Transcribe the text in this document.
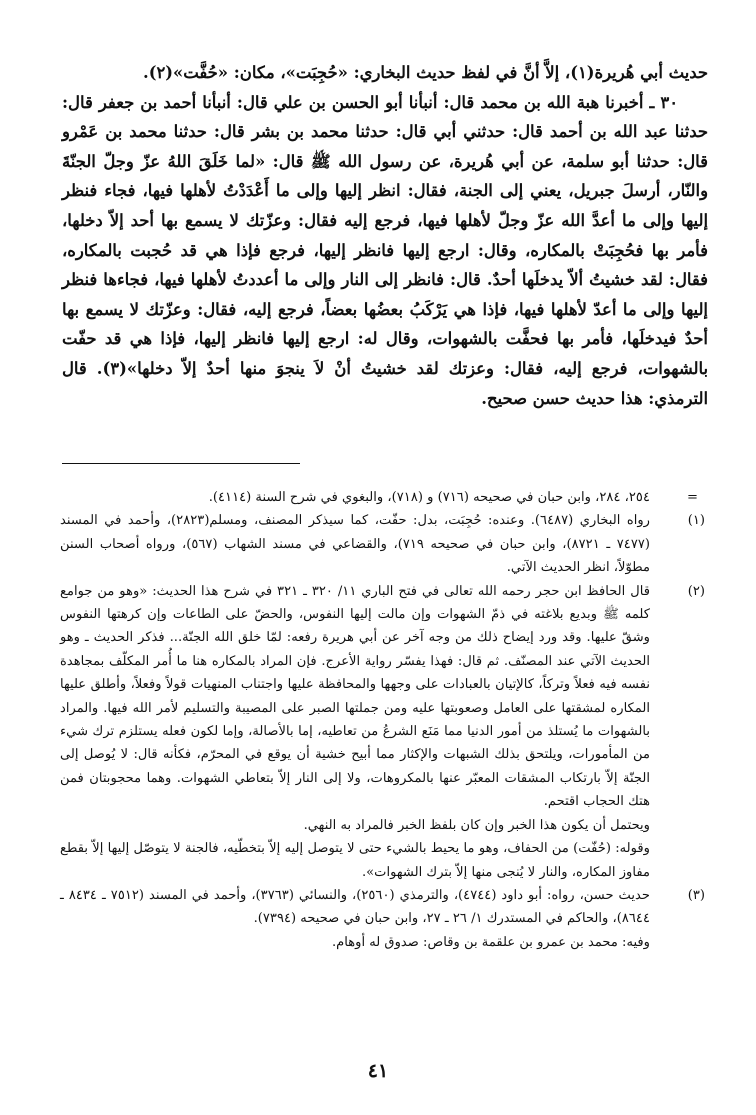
حديث أبي هُريرة(١)، إلاَّ أنَّ في لفظ حديث البخاري: «حُجِبَت»، مكان: «حُفَّت»(٢).

٣٠ ـ أخبرنا هبة الله بن محمد قال: أنبأنا أبو الحسن بن علي قال: أنبأنا أحمد بن جعفر قال: حدثنا عبد الله بن أحمد قال: حدثني أبي قال: حدثنا محمد بن بشر قال: حدثنا محمد بن عَمْرو قال: حدثنا أبو سلمة، عن أبي هُريرة، عن رسول الله ﷺ قال: «لما خَلَقَ اللهُ عزّ وجلّ الجنّةَ والنّار، أرسلَ جبريل، يعني إلى الجنة، فقال: انظر إليها وإلى ما أَعْدَدْتُ لأهلها فيها، فجاء فنظر إليها وإلى ما أعدَّ الله عزّ وجلّ لأهلها فيها، فرجع إليه فقال: وعزّتك لا يسمع بها أحد إلاّ دخلها، فأمر بها فحُجِبَتْ بالمكاره، وقال: ارجع إليها فانظر إليها، فرجع فإذا هي قد حُجبت بالمكاره، فقال: لقد خشيتُ ألاّ يدخلَها أحدٌ. قال: فانظر إلى النار وإلى ما أعددتُ لأهلها فيها، فجاءها فنظر إليها وإلى ما أعدّ لأهلها فيها، فإذا هي يَرْكَبُ بعضُها بعضاً، فرجع إليه، فقال: وعزّتك لا يسمع بها أحدٌ فيدخلَها، فأمر بها فحفَّت بالشهوات، وقال له: ارجع إليها فانظر إليها، فإذا هي قد حفّت بالشهوات، فرجع إليه، فقال: وعزتك لقد خشيتُ أنْ لاَ ينجوَ منها أحدٌ إلاّ دخلها»(٣). قال الترمذي: هذا حديث حسن صحيح.

=

٢٥٤، ٢٨٤، وابن حبان في صحيحه (٧١٦) و (٧١٨)، والبغوي في شرح السنة (٤١١٤).

(١)

رواه البخاري (٦٤٨٧). وعنده: حُجِبَت، بدل: حفّت، كما سيذكر المصنف، ومسلم(٢٨٢٣)، وأحمد في المسند (٧٤٧٧ ـ ٨٧٢١)، وابن حبان في صحيحه ٧١٩)، والقضاعي في مسند الشهاب (٥٦٧)، ورواه أصحاب السنن مطوّلاً، انظر الحديث الآتي.

(٢)

قال الحافظ ابن حجر رحمه الله تعالى في فتح الباري ١١/ ٣٢٠ ـ ٣٢١ في شرح هذا الحديث: «وهو من جوامع كلمه ﷺ وبديع بلاغته في ذمّ الشهوات وإن مالت إليها النفوس، والحضّ على الطاعات وإن كرهتها النفوس وشقّ عليها. وقد ورد إيضاح ذلك من وجه آخر عن أبي هريرة رفعه: لمّا خلق الله الجنّة... فذكر الحديث ـ وهو الحديث الآتي عند المصنّف. ثم قال: فهذا يفسّر رواية الأعرج. فإن المراد بالمكاره هنا ما أُمر المكلّف بمجاهدة نفسه فيه فعلاً وتركاً، كالإتيان بالعبادات على وجهها والمحافظة عليها واجتناب المنهيات قولاً وفعلاً، وأطلق عليها المكاره لمشقتها على العامل وصعوبتها عليه ومن جملتها الصبر على المصيبة والتسليم لأمر الله فيها. والمراد بالشهوات ما يُستلذ من أمور الدنيا مما مَنَع الشرعُ من تعاطيه، إما بالأصالة، وإما لكون فعله يستلزم ترك شيء من المأمورات، ويلتحق بذلك الشبهات والإكثار مما أبيح خشية أن يوقع في المحرّم، فكأنه قال: لا يُوصل إلى الجنّة إلاّ بارتكاب المشقات المعبّر عنها بالمكروهات، ولا إلى النار إلاّ بتعاطي الشهوات. وهما محجوبتان فمن هتك الحجاب اقتحم.

ويحتمل أن يكون هذا الخبر وإن كان بلفظ الخبر فالمراد به النهي.

وقوله: (حُفّت) من الحفاف، وهو ما يحيط بالشيء حتى لا يتوصل إليه إلاّ بتخطّيه، فالجنة لا يتوصّل إليها إلاّ بقطع مفاوز المكاره، والنار لا يُنجى منها إلاّ بترك الشهوات».

(٣)

حديث حسن، رواه: أبو داود (٤٧٤٤)، والترمذي (٢٥٦٠)، والنسائي (٣٧٦٣)، وأحمد في المسند (٧٥١٢ ـ ٨٤٣٤ ـ ٨٦٤٤)، والحاكم في المستدرك ١/ ٢٦ ـ ٢٧، وابن حبان في صحيحه (٧٣٩٤).

وفيه: محمد بن عمرو بن علقمة بن وقاص: صدوق له أوهام.

٤١
